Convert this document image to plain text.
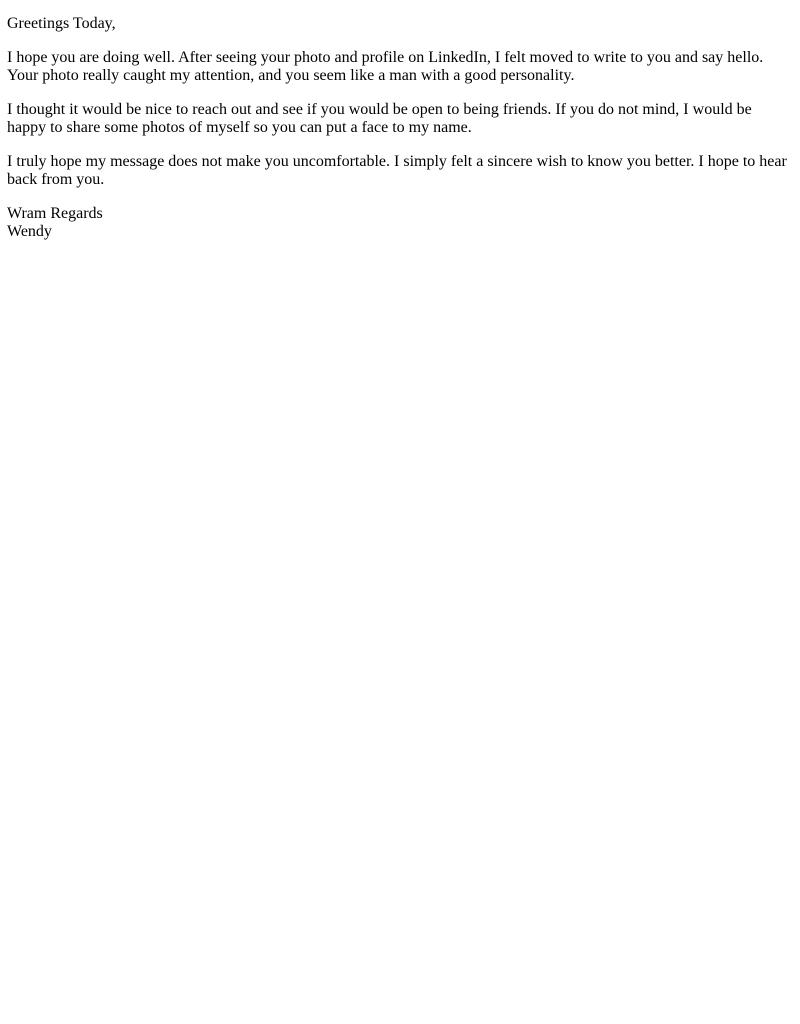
Greetings Today,

I hope you are doing well. After seeing your photo and profile on LinkedIn, I felt moved to write to you and say hello. Your photo really caught my attention, and you seem like a man with a good personality.

I thought it would be nice to reach out and see if you would be open to being friends. If you do not mind, I would be happy to share some photos of myself so you can put a face to my name.

I truly hope my message does not make you uncomfortable. I simply felt a sincere wish to know you better. I hope to hear back from you.

Wram Regards
Wendy
